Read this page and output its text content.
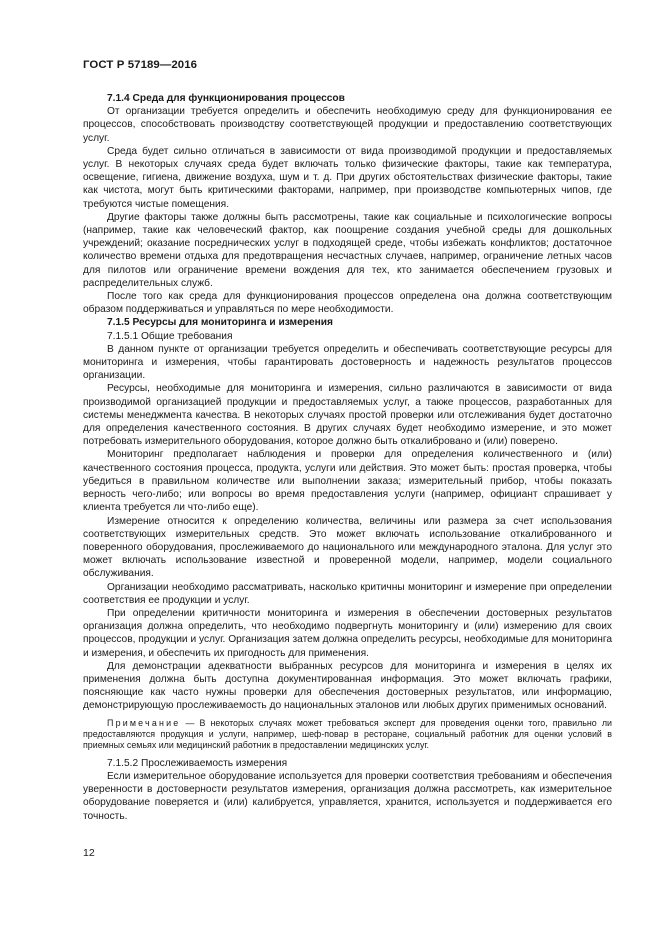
ГОСТ Р 57189—2016

7.1.4 Среда для функционирования процессов

От организации требуется определить и обеспечить необходимую среду для функционирования ее процессов, способствовать производству соответствующей продукции и предоставлению соответствующих услуг.

Среда будет сильно отличаться в зависимости от вида производимой продукции и предоставляемых услуг. В некоторых случаях среда будет включать только физические факторы, такие как температура, освещение, гигиена, движение воздуха, шум и т. д. При других обстоятельствах физические факторы, такие как чистота, могут быть критическими факторами, например, при производстве компьютерных чипов, где требуются чистые помещения.

Другие факторы также должны быть рассмотрены, такие как социальные и психологические вопросы (например, такие как человеческий фактор, как поощрение создания учебной среды для дошкольных учреждений; оказание посреднических услуг в подходящей среде, чтобы избежать конфликтов; достаточное количество времени отдыха для предотвращения несчастных случаев, например, ограничение летных часов для пилотов или ограничение времени вождения для тех, кто занимается обеспечением грузовых и распределительных служб.

После того как среда для функционирования процессов определена она должна соответствующим образом поддерживаться и управляться по мере необходимости.

7.1.5 Ресурсы для мониторинга и измерения

7.1.5.1 Общие требования

В данном пункте от организации требуется определить и обеспечивать соответствующие ресурсы для мониторинга и измерения, чтобы гарантировать достоверность и надежность результатов процессов организации.

Ресурсы, необходимые для мониторинга и измерения, сильно различаются в зависимости от вида производимой организацией продукции и предоставляемых услуг, а также процессов, разработанных для системы менеджмента качества. В некоторых случаях простой проверки или отслеживания будет достаточно для определения качественного состояния. В других случаях будет необходимо измерение, и это может потребовать измерительного оборудования, которое должно быть откалибровано и (или) поверено.

Мониторинг предполагает наблюдения и проверки для определения количественного и (или) качественного состояния процесса, продукта, услуги или действия. Это может быть: простая проверка, чтобы убедиться в правильном количестве или выполнении заказа; измерительный прибор, чтобы показать верность чего-либо; или вопросы во время предоставления услуги (например, официант спрашивает у клиента требуется ли что-либо еще).

Измерение относится к определению количества, величины или размера за счет использования соответствующих измерительных средств. Это может включать использование откалиброванного и поверенного оборудования, прослеживаемого до национального или международного эталона. Для услуг это может включать использование известной и проверенной модели, например, модели социального обслуживания.

Организации необходимо рассматривать, насколько критичны мониторинг и измерение при определении соответствия ее продукции и услуг.

При определении критичности мониторинга и измерения в обеспечении достоверных результатов организация должна определить, что необходимо подвергнуть мониторингу и (или) измерению для своих процессов, продукции и услуг. Организация затем должна определить ресурсы, необходимые для мониторинга и измерения, и обеспечить их пригодность для применения.

Для демонстрации адекватности выбранных ресурсов для мониторинга и измерения в целях их применения должна быть доступна документированная информация. Это может включать графики, поясняющие как часто нужны проверки для обеспечения достоверных результатов, или информацию, демонстрирующую прослеживаемость до национальных эталонов или любых других применимых оснований.

Примечание — В некоторых случаях может требоваться эксперт для проведения оценки того, правильно ли предоставляются продукция и услуги, например, шеф-повар в ресторане, социальный работник для оценки условий в приемных семьях или медицинский работник в предоставлении медицинских услуг.

7.1.5.2 Прослеживаемость измерения

Если измерительное оборудование используется для проверки соответствия требованиям и обеспечения уверенности в достоверности результатов измерения, организация должна рассмотреть, как измерительное оборудование поверяется и (или) калибруется, управляется, хранится, используется и поддерживается его точность.

12
